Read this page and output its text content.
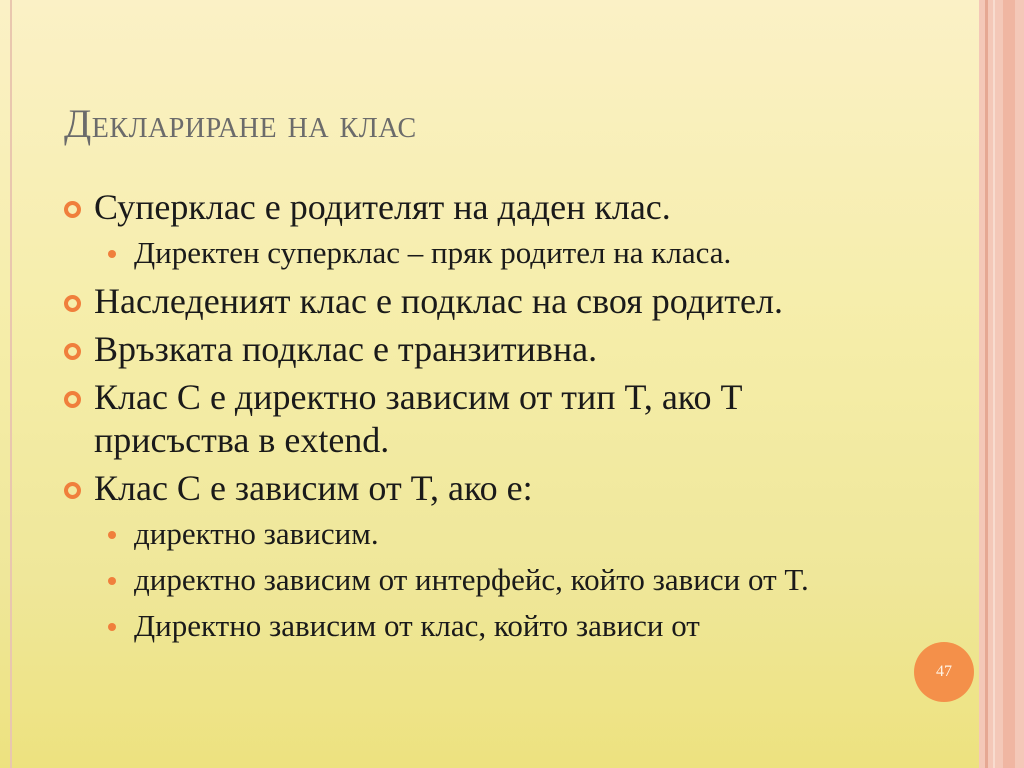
Деклариране на клас
Суперклас е родителят на даден клас.
Директен суперклас – пряк родител на класа.
Наследеният клас е подклас на своя родител.
Връзката подклас е транзитивна.
Клас C е директно зависим от тип T, ако T присъства в extend.
Клас C е зависим от T, ако е:
директно зависим.
директно зависим от интерфейс, който зависи от T.
Директно зависим от клас, който зависи от
47
